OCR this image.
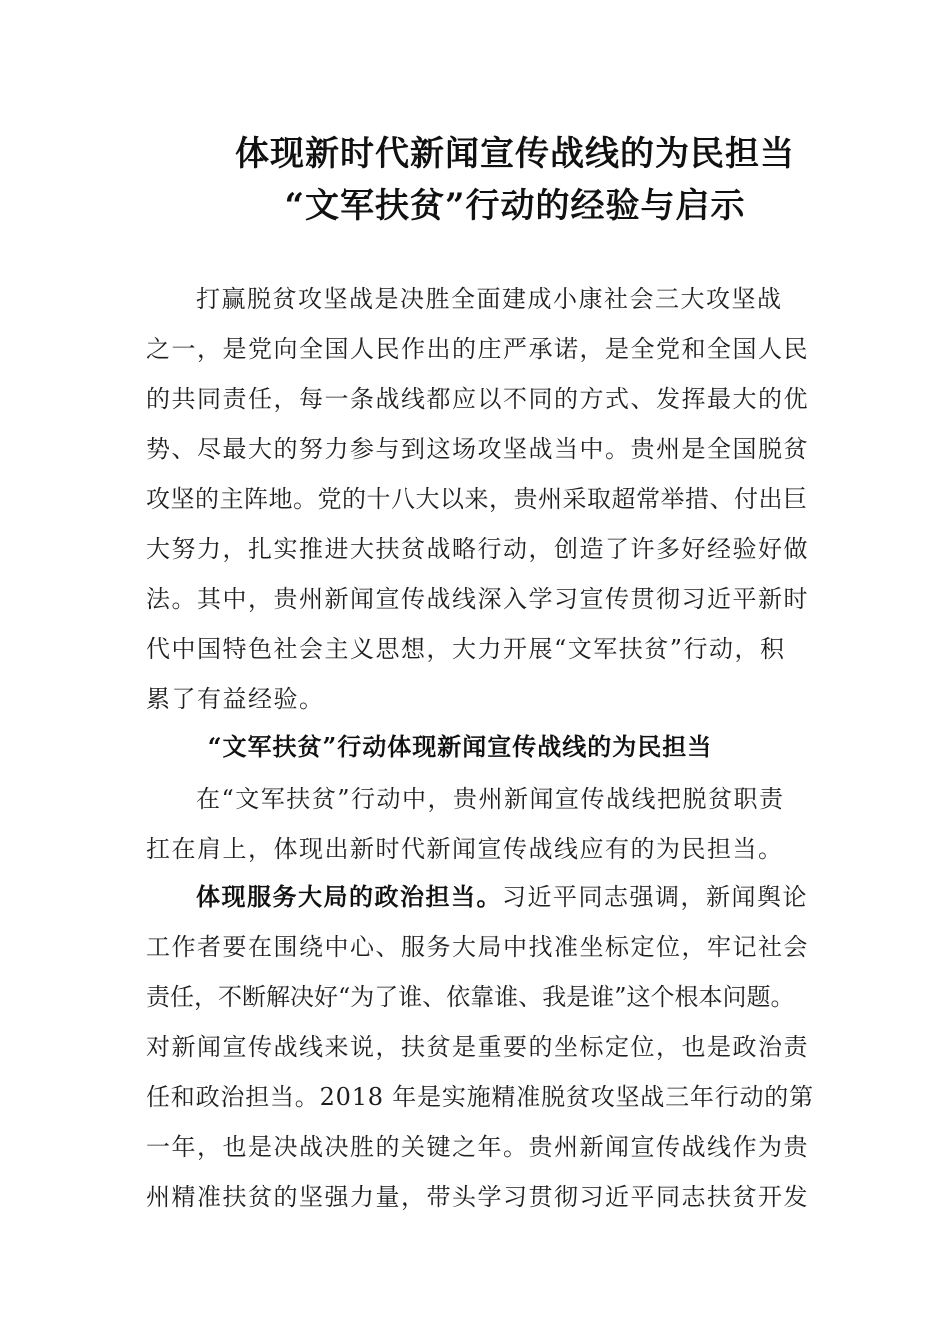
体现新时代新闻宣传战线的为民担当
“文军扶贫”行动的经验与启示
打赢脱贫攻坚战是决胜全面建成小康社会三大攻坚战
之一，是党向全国人民作出的庄严承诺，是全党和全国人民
的共同责任，每一条战线都应以不同的方式、发挥最大的优
势、尽最大的努力参与到这场攻坚战当中。贵州是全国脱贫
攻坚的主阵地。党的十八大以来，贵州采取超常举措、付出巨
大努力，扎实推进大扶贫战略行动，创造了许多好经验好做
法。其中，贵州新闻宣传战线深入学习宣传贯彻习近平新时
代中国特色社会主义思想，大力开展“文军扶贫”行动，积
累了有益经验。
“文军扶贫”行动体现新闻宣传战线的为民担当
在“文军扶贫”行动中，贵州新闻宣传战线把脱贫职责
扛在肩上，体现出新时代新闻宣传战线应有的为民担当。
体现服务大局的政治担当。习近平同志强调，新闻舆论
工作者要在围绕中心、服务大局中找准坐标定位，牢记社会
责任，不断解决好“为了谁、依靠谁、我是谁”这个根本问题。
对新闻宣传战线来说，扶贫是重要的坐标定位，也是政治责
任和政治担当。2018 年是实施精准脱贫攻坚战三年行动的第
一年，也是决战决胜的关键之年。贵州新闻宣传战线作为贵
州精准扶贫的坚强力量，带头学习贯彻习近平同志扶贫开发
